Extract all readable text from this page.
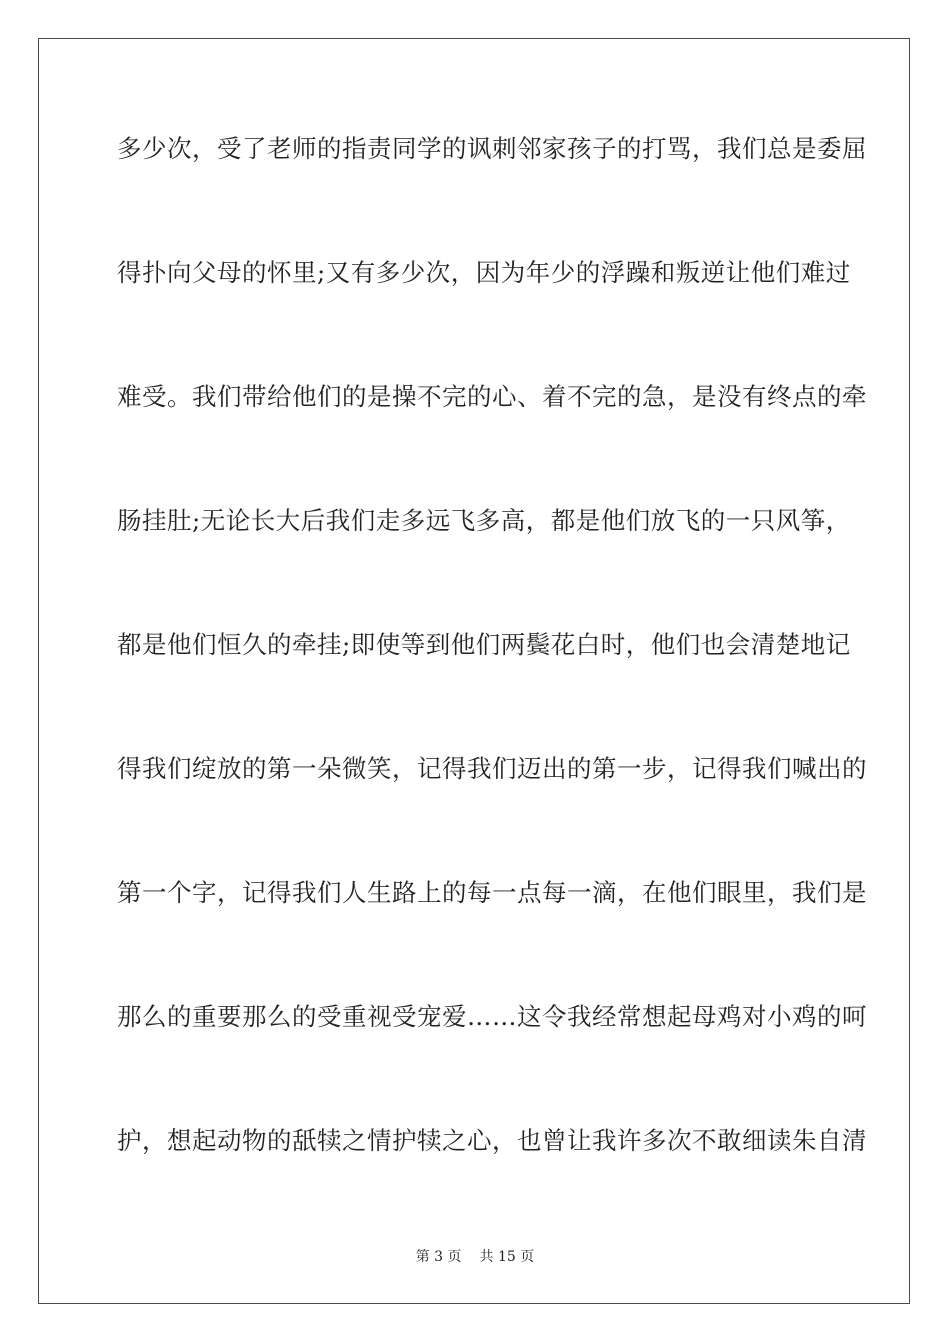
多少次，受了老师的指责同学的讽刺邻家孩子的打骂，我们总是委屈
得扑向父母的怀里;又有多少次，因为年少的浮躁和叛逆让他们难过
难受。我们带给他们的是操不完的心、着不完的急，是没有终点的牵
肠挂肚;无论长大后我们走多远飞多高，都是他们放飞的一只风筝，
都是他们恒久的牵挂;即使等到他们两鬓花白时，他们也会清楚地记
得我们绽放的第一朵微笑，记得我们迈出的第一步，记得我们喊出的
第一个字，记得我们人生路上的每一点每一滴，在他们眼里，我们是
那么的重要那么的受重视受宠爱……这令我经常想起母鸡对小鸡的呵
护，想起动物的舐犊之情护犊之心，也曾让我许多次不敢细读朱自清
第 3 页 共 15 页
